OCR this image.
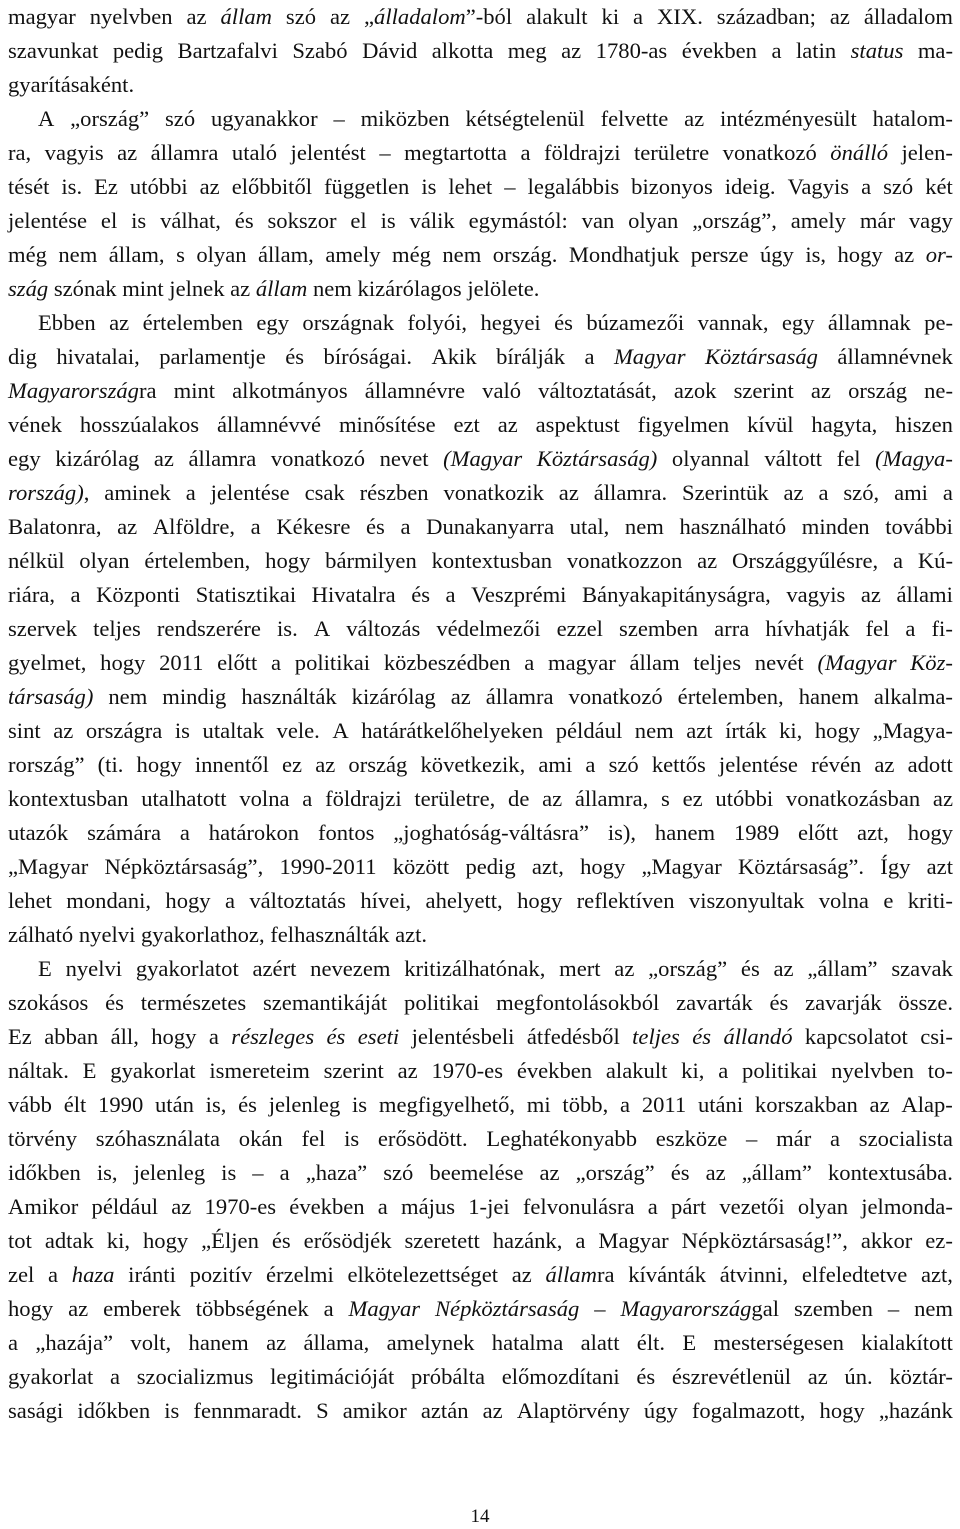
magyar nyelvben az állam szó az „álladalom”-ból alakult ki a XIX. században; az álladalom
szavunkat pedig Bartzafalvi Szabó Dávid alkotta meg az 1780-as években a latin status ma-
gyarításaként.
A „ország” szó ugyanakkor – miközben kétségtelenül felvette az intézményesült hatalom-
ra, vagyis az államra utaló jelentést – megtartotta a földrajzi területre vonatkozó önálló jelen-
tését is. Ez utóbbi az előbbitől független is lehet – legalábbis bizonyos ideig. Vagyis a szó két
jelentése el is válhat, és sokszor el is válik egymástól: van olyan „ország”, amely már vagy
még nem állam, s olyan állam, amely még nem ország. Mondhatjuk persze úgy is, hogy az or-
szág szónak mint jelnek az állam nem kizárólagos jelölete.
Ebben az értelemben egy országnak folyói, hegyei és búzamezői vannak, egy államnak pe-
dig hivatalai, parlamentje és bíróságai. Akik bírálják a Magyar Köztársaság államnévnek
Magyarországra mint alkotmányos államnévre való változtatását, azok szerint az ország ne-
vének hosszúalakos államnévvé minősítése ezt az aspektust figyelmen kívül hagyta, hiszen
egy kizárólag az államra vonatkozó nevet (Magyar Köztársaság) olyannal váltott fel (Magya-
rország), aminek a jelentése csak részben vonatkozik az államra. Szerintük az a szó, ami a
Balatonra, az Alföldre, a Kékesre és a Dunakanyarra utal, nem használható minden további
nélkül olyan értelemben, hogy bármilyen kontextusban vonatkozzon az Országgyűlésre, a Kú-
riára, a Központi Statisztikai Hivatalra és a Veszprémi Bányakapitányságra, vagyis az állami
szervek teljes rendszerére is. A változás védelmezői ezzel szemben arra hívhatják fel a fi-
gyelmet, hogy 2011 előtt a politikai közbeszédben a magyar állam teljes nevét (Magyar Köz-
társaság) nem mindig használták kizárólag az államra vonatkozó értelemben, hanem alkalma-
sint az országra is utaltak vele. A határátkelőhelyeken például nem azt írták ki, hogy „Magya-
rország” (ti. hogy innentől ez az ország következik, ami a szó kettős jelentése révén az adott
kontextusban utalhatott volna a földrajzi területre, de az államra, s ez utóbbi vonatkozásban az
utazók számára a határokon fontos „joghatóság-váltásra” is), hanem 1989 előtt azt, hogy
„Magyar Népköztársaság”, 1990-2011 között pedig azt, hogy „Magyar Köztársaság”. Így azt
lehet mondani, hogy a változtatás hívei, ahelyett, hogy reflektíven viszonyultak volna e kriti-
zálható nyelvi gyakorlathoz, felhasználták azt.
E nyelvi gyakorlatot azért nevezem kritizálhatónak, mert az „ország” és az „állam” szavak
szokásos és természetes szemantikáját politikai megfontolásokból zavarták és zavarják össze.
Ez abban áll, hogy a részleges és eseti jelentésbeli átfedésből teljes és állandó kapcsolatot csi-
náltak. E gyakorlat ismereteim szerint az 1970-es években alakult ki, a politikai nyelvben to-
vább élt 1990 után is, és jelenleg is megfigyelhető, mi több, a 2011 utáni korszakban az Alap-
törvény szóhasználata okán fel is erősödött. Leghatékonyabb eszköze – már a szocialista
időkben is, jelenleg is – a „haza” szó beemelése az „ország” és az „állam” kontextusába.
Amikor például az 1970-es években a május 1-jei felvonulásra a párt vezetői olyan jelmonda-
tot adtak ki, hogy „Éljen és erősödjék szeretett hazánk, a Magyar Népköztársaság!”, akkor ez-
zel a haza iránti pozitív érzelmi elkötelezettséget az államra kívánták átvinni, elfeledtetve azt,
hogy az emberek többségének a Magyar Népköztársaság – Magyarországgal szemben – nem
a „hazája” volt, hanem az állama, amelynek hatalma alatt élt. E mesterségesen kialakított
gyakorlat a szocializmus legitimációját próbálta előmozdítani és észrevétlenül az ún. köztár-
sasági időkben is fennmaradt. S amikor aztán az Alaptörvény úgy fogalmazott, hogy „hazánk
14
